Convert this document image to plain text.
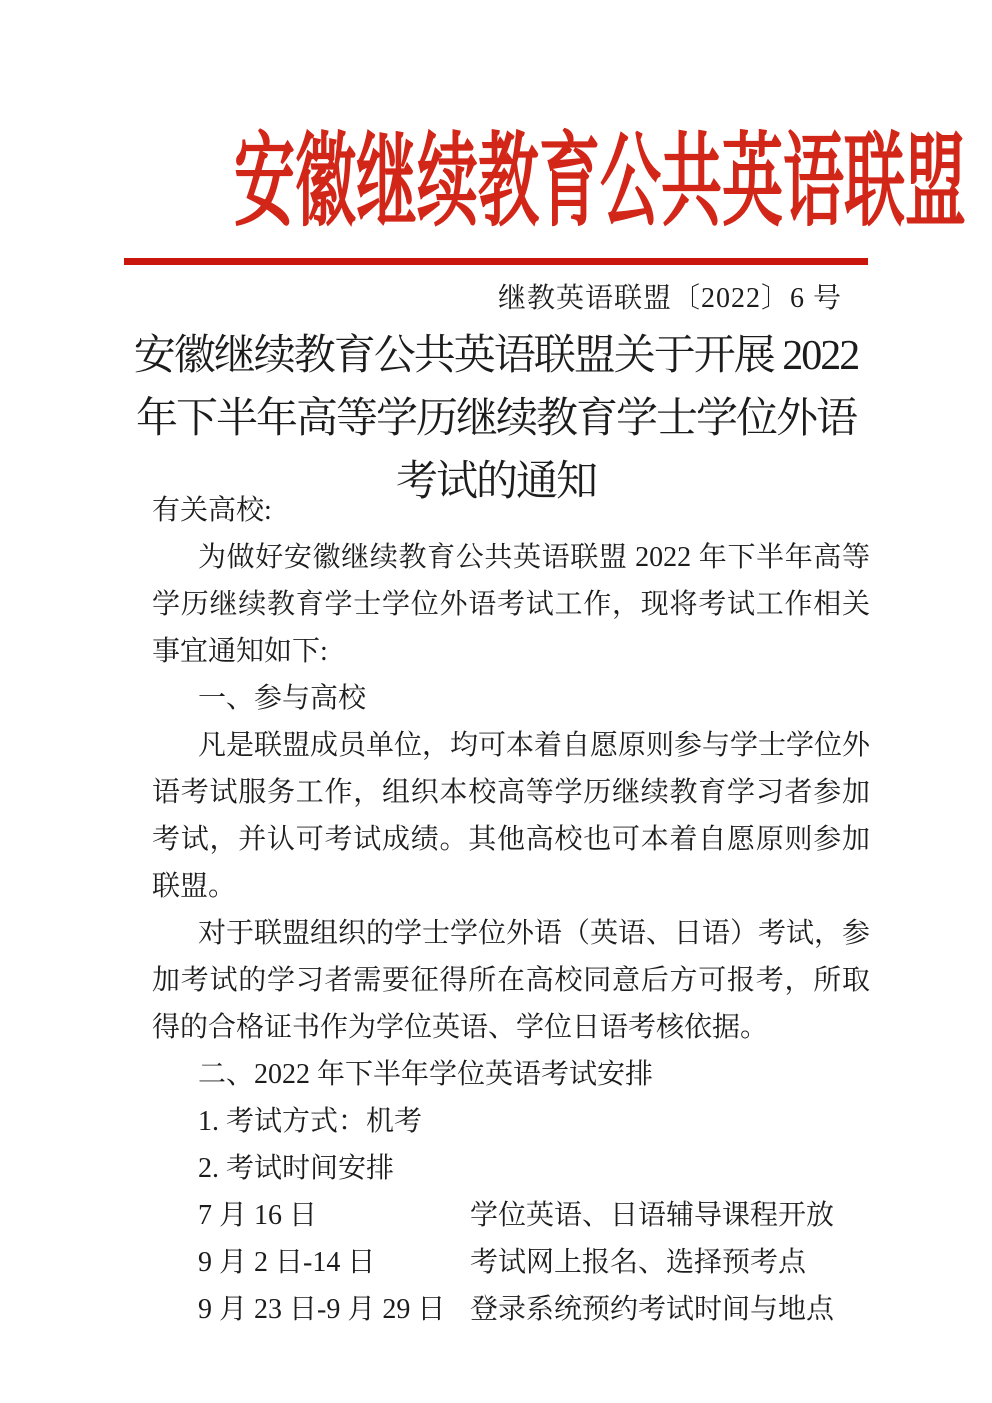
安徽继续教育公共英语联盟
继教英语联盟〔2022〕6 号
安徽继续教育公共英语联盟关于开展 2022
年下半年高等学历继续教育学士学位外语
考试的通知

有关高校:

为做好安徽继续教育公共英语联盟 2022 年下半年高等学历继续教育学士学位外语考试工作，现将考试工作相关事宜通知如下:

一、参与高校

凡是联盟成员单位，均可本着自愿原则参与学士学位外语考试服务工作，组织本校高等学历继续教育学习者参加考试，并认可考试成绩。其他高校也可本着自愿原则参加联盟。

对于联盟组织的学士学位外语（英语、日语）考试，参加考试的学习者需要征得所在高校同意后方可报考，所取得的合格证书作为学位英语、学位日语考核依据。

二、2022 年下半年学位英语考试安排

1. 考试方式：机考

2. 考试时间安排

7 月 16 日	学位英语、日语辅导课程开放
9 月 2 日-14 日	考试网上报名、选择预考点
9 月 23 日-9 月 29 日 登录系统预约考试时间与地点
